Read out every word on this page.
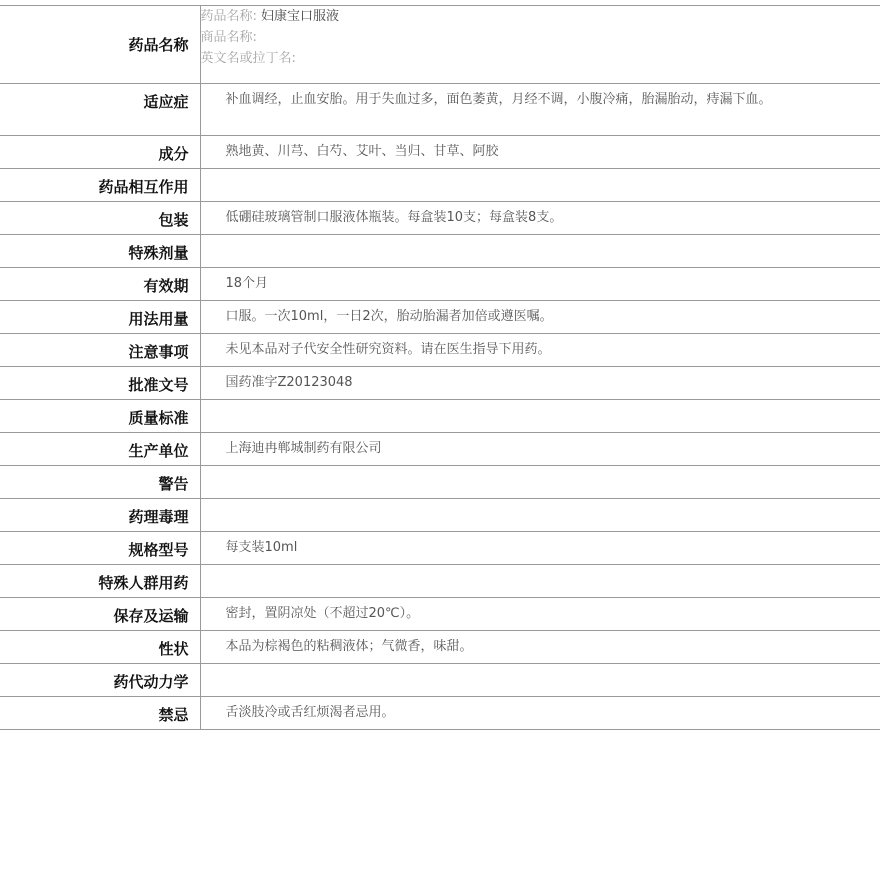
药品名称	药品名称: 妇康宝口服液
商品名称:
英文名或拉丁名:

适应症	补血调经，止血安胎。用于失血过多，面色萎黄，月经不调，小腹冷痛，胎漏胎动，痔漏下血。

成分	熟地黄、川芎、白芍、艾叶、当归、甘草、阿胶

药品相互作用	

包装	低硼硅玻璃管制口服液体瓶装。每盒装10支；每盒装8支。

特殊剂量	

有效期	18个月

用法用量	口服。一次10ml，一日2次，胎动胎漏者加倍或遵医嘱。

注意事项	未见本品对子代安全性研究资料。请在医生指导下用药。

批准文号	国药准字Z20123048

质量标准	

生产单位	上海迪冉郸城制药有限公司

警告	

药理毒理	

规格型号	每支装10ml

特殊人群用药	

保存及运输	密封，置阴凉处（不超过20℃）。

性状	本品为棕褐色的粘稠液体；气微香，味甜。

药代动力学	

禁忌	舌淡肢冷或舌红烦渴者忌用。
